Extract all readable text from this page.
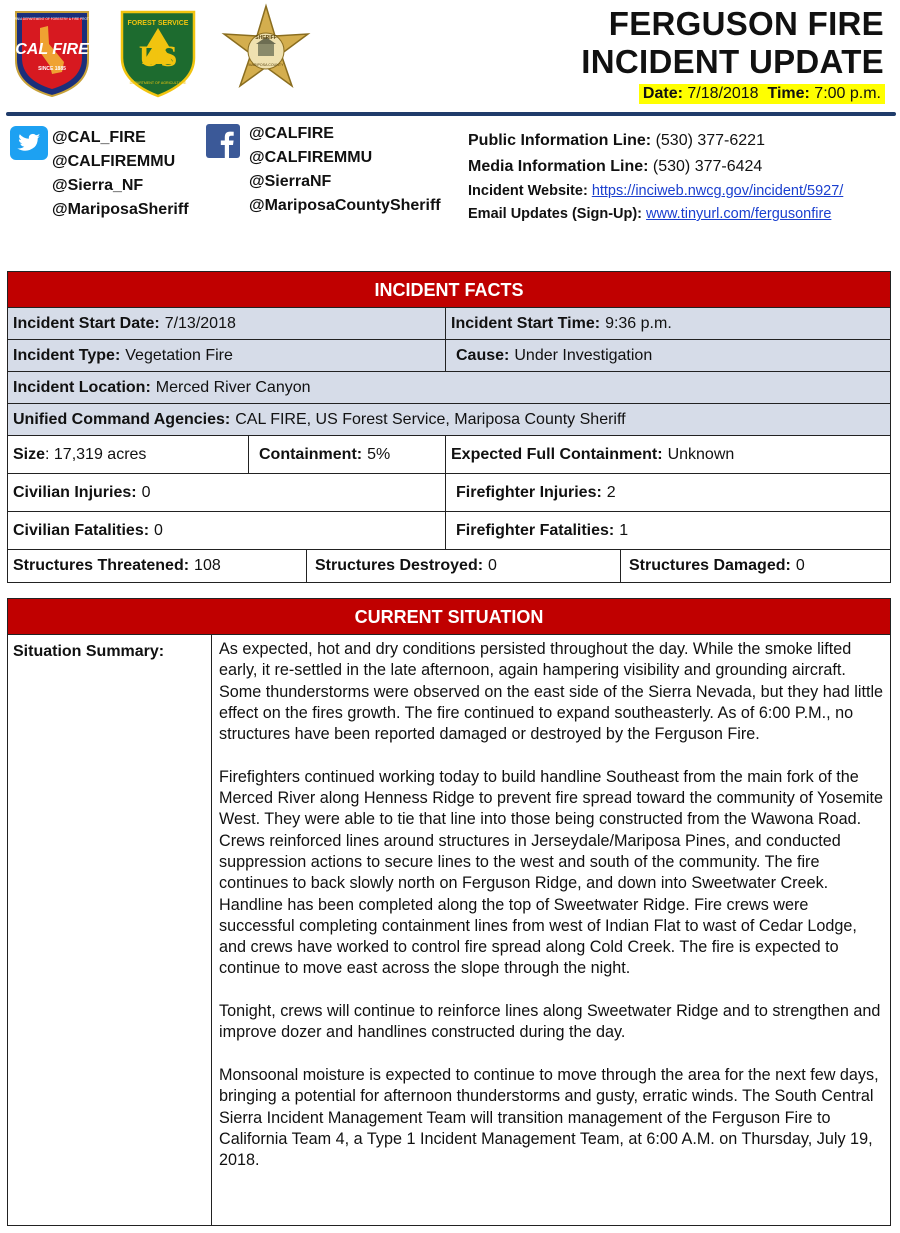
CALIFORNIA DEPARTMENT OF FORESTRY & FIRE PROTECTION
CAL FIRE
SINCE 1885
FOREST SERVICE
US
DEPARTMENT OF AGRICULTURE
SHERIFF
MARIPOSA COUNTY
FERGUSON FIRE
INCIDENT UPDATE
Date: 7/18/2018 Time: 7:00 p.m.
@CAL_FIRE
@CALFIREMMU
@Sierra_NF
@MariposaSheriff
@CALFIRE
@CALFIREMMU
@SierraNF
@MariposaCountySheriff
Public Information Line: (530) 377-6221
Media Information Line: (530) 377-6424
Incident Website: https://inciweb.nwcg.gov/incident/5927/
Email Updates (Sign-Up): www.tinyurl.com/fergusonfire
INCIDENT FACTS
Incident Start Date: 7/13/2018	Incident Start Time: 9:36 p.m.
Incident Type: Vegetation Fire	Cause: Under Investigation
Incident Location: Merced River Canyon
Unified Command Agencies: CAL FIRE, US Forest Service, Mariposa County Sheriff
Size : 17,319 acres	Containment: 5%	Expected Full Containment: Unknown
Civilian Injuries: 0	Firefighter Injuries: 2
Civilian Fatalities: 0	Firefighter Fatalities: 1
Structures Threatened: 108	Structures Destroyed: 0	Structures Damaged: 0
CURRENT SITUATION
Situation Summary:	As expected, hot and dry conditions persisted throughout the day. While the smoke lifted early, it re-settled in the late afternoon, again hampering visibility and grounding aircraft. Some thunderstorms were observed on the east side of the Sierra Nevada, but they had little effect on the fires growth. The fire continued to expand southeasterly. As of 6:00 P.M., no structures have been reported damaged or destroyed by the Ferguson Fire.

Firefighters continued working today to build handline Southeast from the main fork of the Merced River along Henness Ridge to prevent fire spread toward the community of Yosemite West. They were able to tie that line into those being constructed from the Wawona Road. Crews reinforced lines around structures in Jerseydale/Mariposa Pines, and conducted suppression actions to secure lines to the west and south of the community. The fire continues to back slowly north on Ferguson Ridge, and down into Sweetwater Creek. Handline has been completed along the top of Sweetwater Ridge. Fire crews were successful completing containment lines from west of Indian Flat to wast of Cedar Lodge, and crews have worked to control fire spread along Cold Creek. The fire is expected to continue to move east across the slope through the night.

Tonight, crews will continue to reinforce lines along Sweetwater Ridge and to strengthen and improve dozer and handlines constructed during the day.

Monsoonal moisture is expected to continue to move through the area for the next few days, bringing a potential for afternoon thunderstorms and gusty, erratic winds. The South Central Sierra Incident Management Team will transition management of the Ferguson Fire to California Team 4, a Type 1 Incident Management Team, at 6:00 A.M. on Thursday, July 19, 2018.
